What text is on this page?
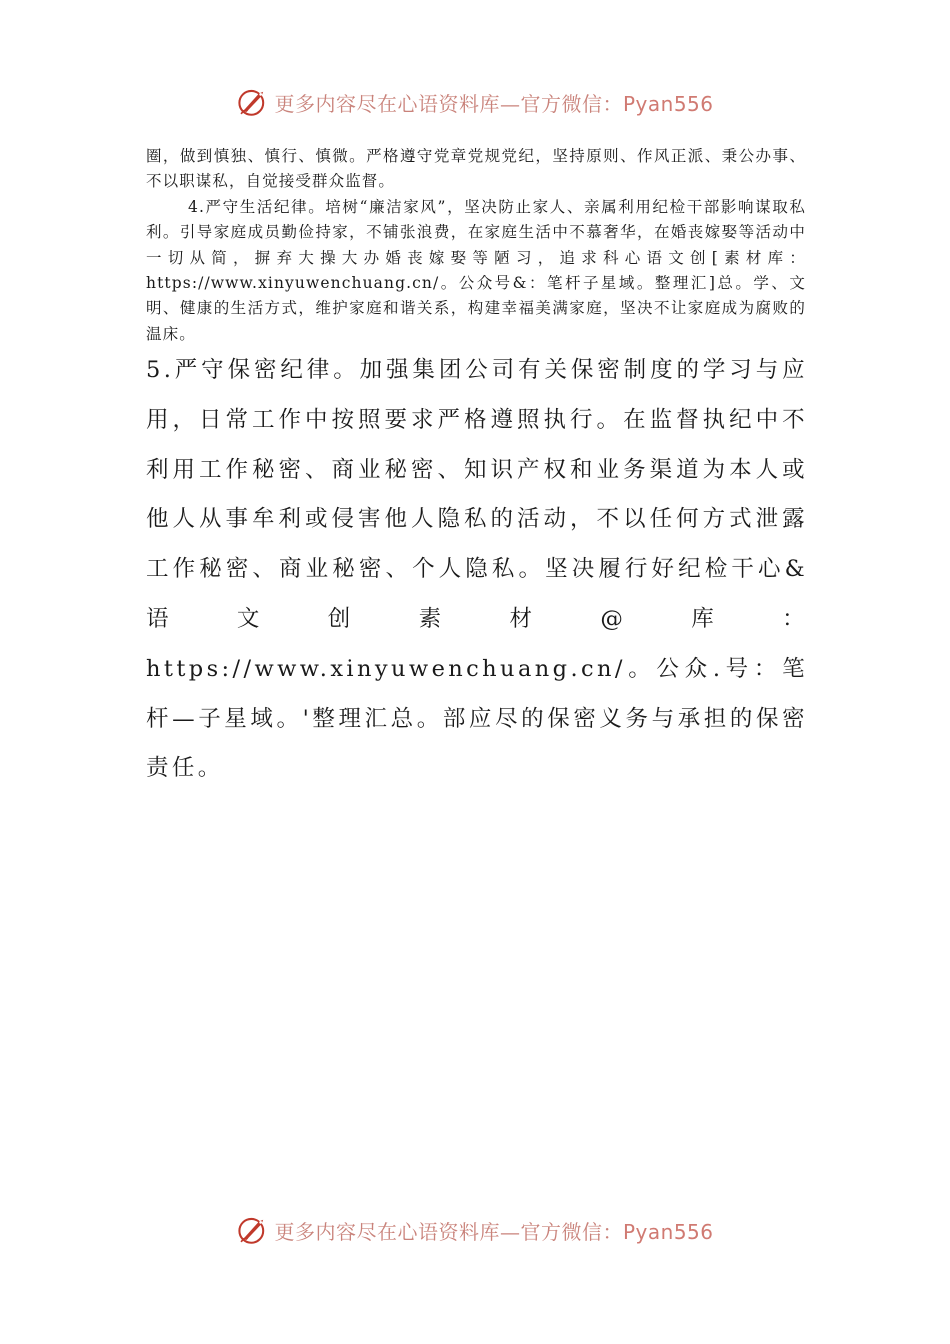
更多内容尽在心语资料库—官方微信：Pyan556

圈，做到慎独、慎行、慎微。严格遵守党章党规党纪，坚持原则、作风正派、秉公办事、不以职谋私，自觉接受群众监督。

4.严守生活纪律。培树“廉洁家风”，坚决防止家人、亲属利用纪检干部影响谋取私利。引导家庭成员勤俭持家，不铺张浪费，在家庭生活中不慕奢华，在婚丧嫁娶等活动中一切从简，摒弃大操大办婚丧嫁娶等陋习，追求科心语文创[素材库：https://www.xinyuwenchuang.cn/。公众号&：笔杆子星域。整理汇]总。学、文明、健康的生活方式，维护家庭和谐关系，构建幸福美满家庭，坚决不让家庭成为腐败的温床。

5.严守保密纪律。加强集团公司有关保密制度的学习与应用，日常工作中按照要求严格遵照执行。在监督执纪中不利用工作秘密、商业秘密、知识产权和业务渠道为本人或他人从事牟利或侵害他人隐私的活动，不以任何方式泄露工作秘密、商业秘密、个人隐私。坚决履行好纪检干心&语文创素材@库：https://www.xinyuwenchuang.cn/。公众.号：笔杆—子星域。'整理汇总。部应尽的保密义务与承担的保密责任。

更多内容尽在心语资料库—官方微信：Pyan556
